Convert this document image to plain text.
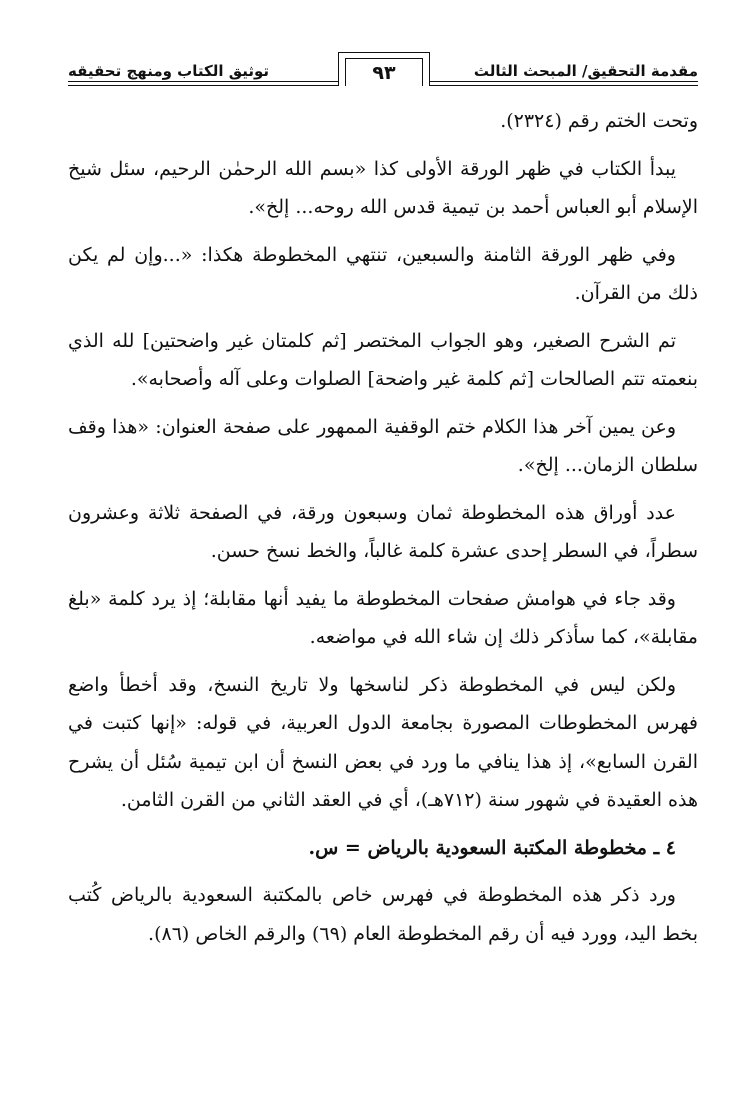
مقدمة التحقيق/ المبحث الثالث
توثيق الكتاب ومنهج تحقيقه	٩٣

وتحت الختم رقم (٢٣٢٤).

يبدأ الكتاب في ظهر الورقة الأولى كذا «بسم الله الرحمٰن الرحيم، سئل شيخ الإسلام أبو العباس أحمد بن تيمية قدس الله روحه... إلخ».

وفي ظهر الورقة الثامنة والسبعين، تنتهي المخطوطة هكذا: «...وإن لم يكن ذلك من القرآن.

تم الشرح الصغير، وهو الجواب المختصر [ثم كلمتان غير واضحتين] لله الذي بنعمته تتم الصالحات [ثم كلمة غير واضحة] الصلوات وعلى آله وأصحابه».

وعن يمين آخر هذا الكلام ختم الوقفية الممهور على صفحة العنوان: «هذا وقف سلطان الزمان... إلخ».

عدد أوراق هذه المخطوطة ثمان وسبعون ورقة، في الصفحة ثلاثة وعشرون سطراً، في السطر إحدى عشرة كلمة غالباً، والخط نسخ حسن.

وقد جاء في هوامش صفحات المخطوطة ما يفيد أنها مقابلة؛ إذ يرد كلمة «بلغ مقابلة»، كما سأذكر ذلك إن شاء الله في مواضعه.

ولكن ليس في المخطوطة ذكر لناسخها ولا تاريخ النسخ، وقد أخطأ واضع فهرس المخطوطات المصورة بجامعة الدول العربية، في قوله: «إنها كتبت في القرن السابع»، إذ هذا ينافي ما ورد في بعض النسخ أن ابن تيمية سُئل أن يشرح هذه العقيدة في شهور سنة (٧١٢هـ)، أي في العقد الثاني من القرن الثامن.

٤ ـ مخطوطة المكتبة السعودية بالرياض = س.

ورد ذكر هذه المخطوطة في فهرس خاص بالمكتبة السعودية بالرياض كُتب بخط اليد، وورد فيه أن رقم المخطوطة العام (٦٩) والرقم الخاص (٨٦).
